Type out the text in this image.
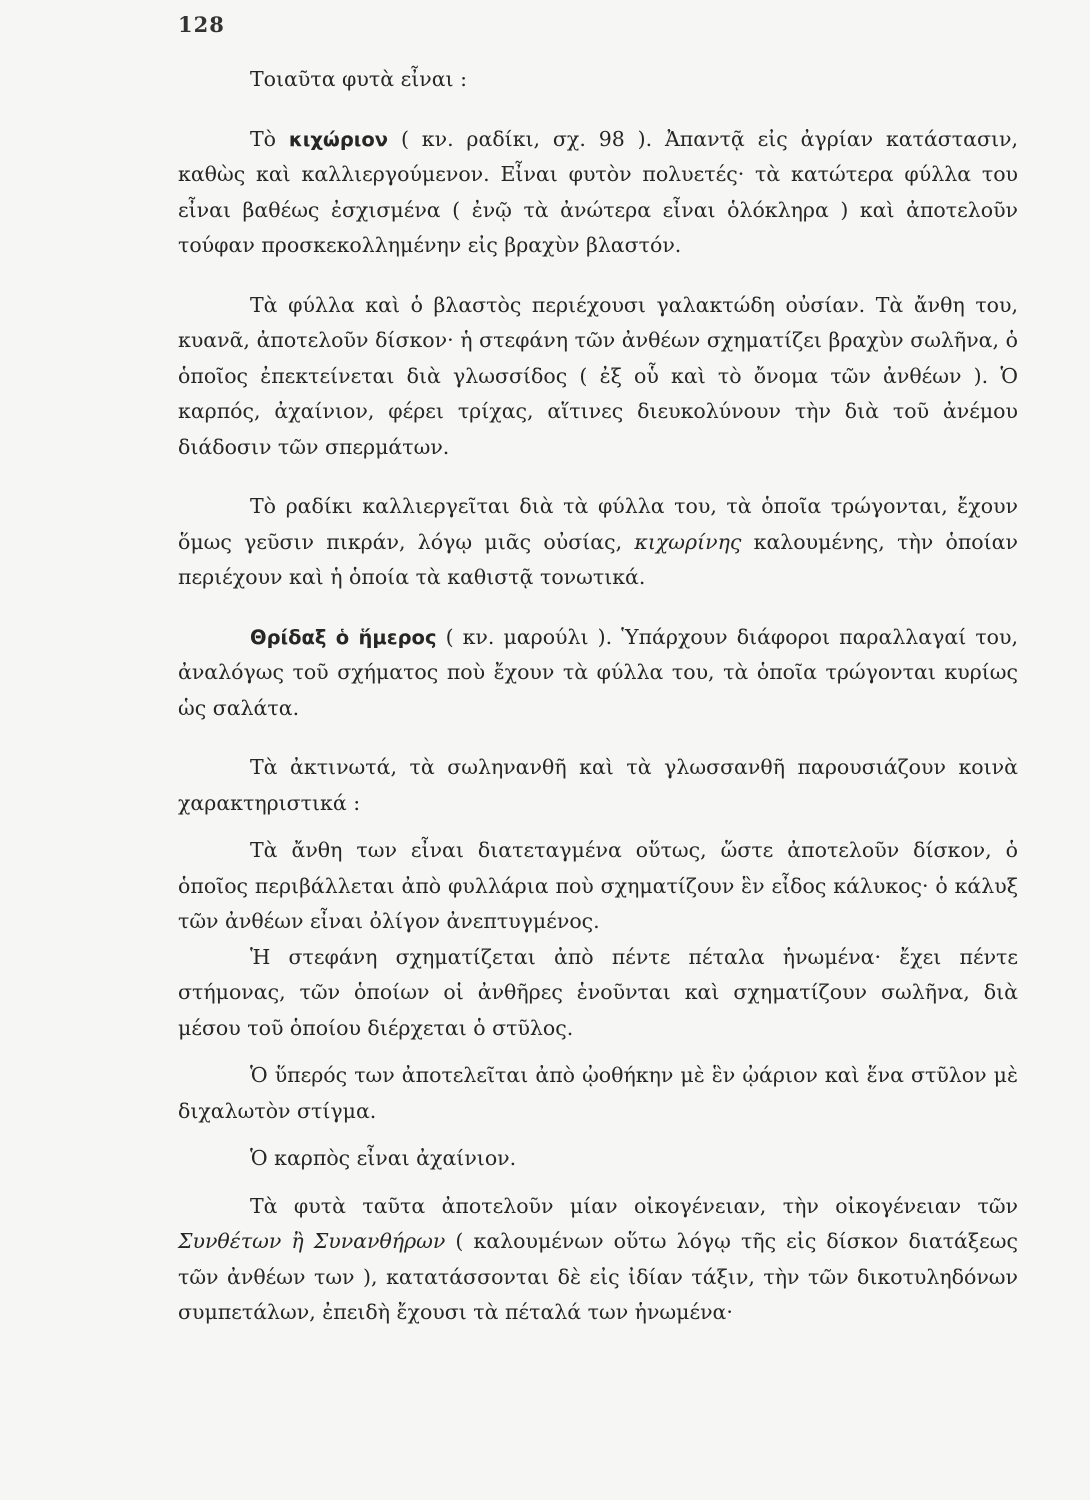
128

Τοιαῦτα φυτὰ εἶναι :

Τὸ κιχώριον ( κν. ραδίκι, σχ. 98 ). Ἀπαντᾷ εἰς ἀγρίαν κατάστασιν, καθὼς καὶ καλλιεργούμενον. Εἶναι φυτὸν πολυετές· τὰ κατώτερα φύλλα του εἶναι βαθέως ἐσχισμένα ( ἐνῷ τὰ ἀνώτερα εἶναι ὁλόκληρα ) καὶ ἀποτελοῦν τούφαν προσκεκολλημένην εἰς βραχὺν βλαστόν.

Τὰ φύλλα καὶ ὁ βλαστὸς περιέχουσι γαλακτώδη οὐσίαν. Τὰ ἄνθη του, κυανᾶ, ἀποτελοῦν δίσκον· ἡ στεφάνη τῶν ἀνθέων σχηματίζει βραχὺν σωλῆνα, ὁ ὁποῖος ἐπεκτείνεται διὰ γλωσσίδος ( ἐξ οὗ καὶ τὸ ὄνομα τῶν ἀνθέων ). Ὁ καρπός, ἀχαίνιον, φέρει τρίχας, αἵτινες διευκολύνουν τὴν διὰ τοῦ ἀνέμου διάδοσιν τῶν σπερμάτων.

Τὸ ραδίκι καλλιεργεῖται διὰ τὰ φύλλα του, τὰ ὁποῖα τρώγονται, ἔχουν ὅμως γεῦσιν πικράν, λόγῳ μιᾶς οὐσίας, κιχωρίνης καλουμένης, τὴν ὁποίαν περιέχουν καὶ ἡ ὁποία τὰ καθιστᾷ τονωτικά.

Θρίδαξ ὁ ἥμερος ( κν. μαρούλι ). Ὑπάρχουν διάφοροι παραλλαγαί του, ἀναλόγως τοῦ σχήματος ποὺ ἔχουν τὰ φύλλα του, τὰ ὁποῖα τρώγονται κυρίως ὡς σαλάτα.

Τὰ ἀκτινωτά, τὰ σωληνανθῆ καὶ τὰ γλωσσανθῆ παρουσιάζουν κοινὰ χαρακτηριστικά :

Τὰ ἄνθη των εἶναι διατεταγμένα οὕτως, ὥστε ἀποτελοῦν δίσκον, ὁ ὁποῖος περιβάλλεται ἀπὸ φυλλάρια ποὺ σχηματίζουν ἓν εἶδος κάλυκος· ὁ κάλυξ τῶν ἀνθέων εἶναι ὀλίγον ἀνεπτυγμένος.

Ἡ στεφάνη σχηματίζεται ἀπὸ πέντε πέταλα ἡνωμένα· ἔχει πέντε στήμονας, τῶν ὁποίων οἱ ἀνθῆρες ἑνοῦνται καὶ σχηματίζουν σωλῆνα, διὰ μέσου τοῦ ὁποίου διέρχεται ὁ στῦλος.

Ὁ ὕπερός των ἀποτελεῖται ἀπὸ ᾠοθήκην μὲ ἓν ᾠάριον καὶ ἕνα στῦλον μὲ διχαλωτὸν στίγμα.

Ὁ καρπὸς εἶναι ἀχαίνιον.

Τὰ φυτὰ ταῦτα ἀποτελοῦν μίαν οἰκογένειαν, τὴν οἰκογένειαν τῶν Συνθέτων ἢ Συνανθήρων ( καλουμένων οὕτω λόγῳ τῆς εἰς δίσκον διατάξεως τῶν ἀνθέων των ), κατατάσσονται δὲ εἰς ἰδίαν τάξιν, τὴν τῶν δικοτυληδόνων συμπετάλων, ἐπειδὴ ἔχουσι τὰ πέταλά των ἡνωμένα·
